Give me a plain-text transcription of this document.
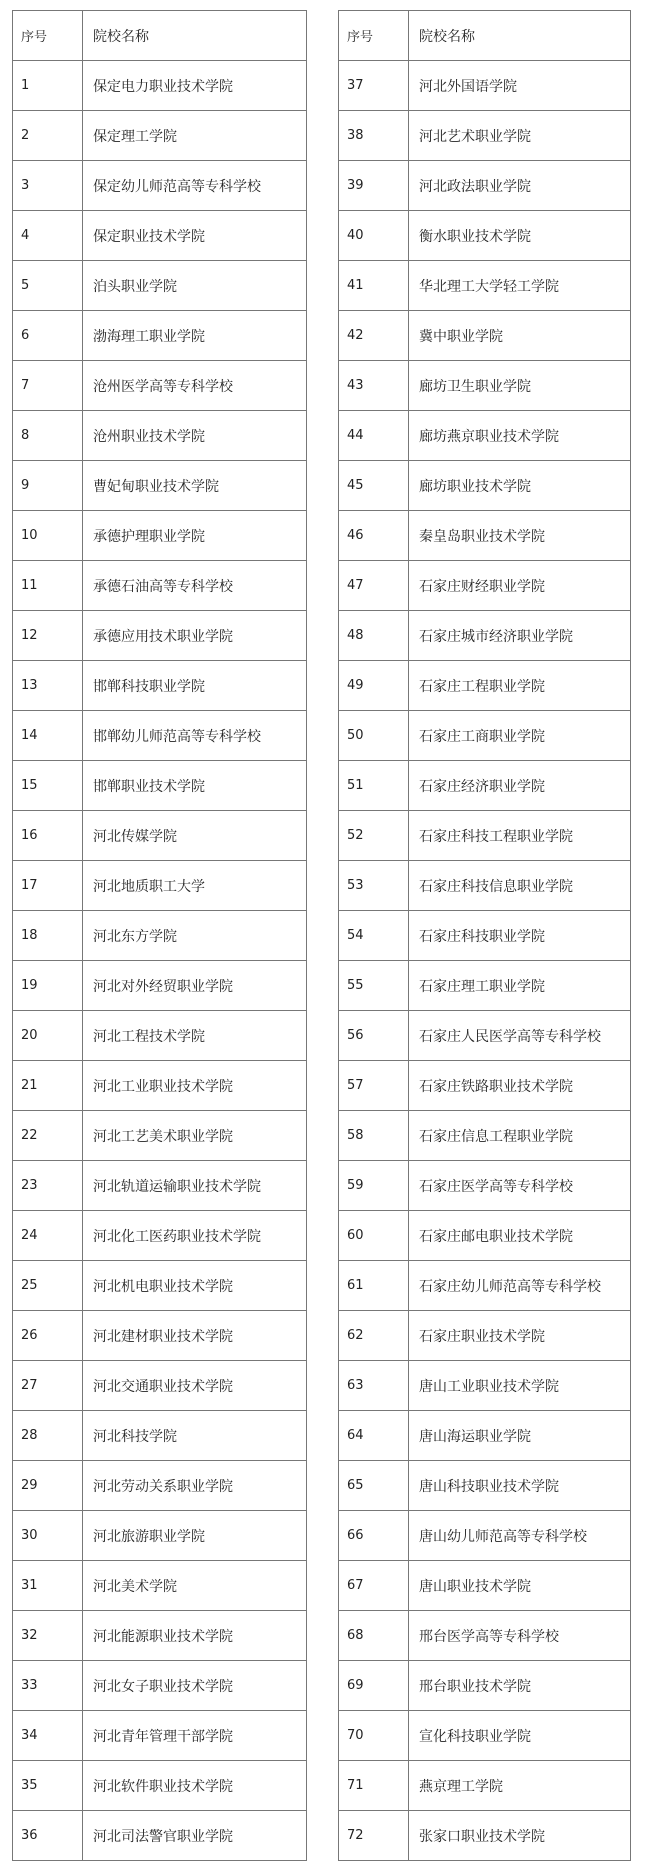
序号	院校名称
1	保定电力职业技术学院
2	保定理工学院
3	保定幼儿师范高等专科学校
4	保定职业技术学院
5	泊头职业学院
6	渤海理工职业学院
7	沧州医学高等专科学校
8	沧州职业技术学院
9	曹妃甸职业技术学院
10	承德护理职业学院
11	承德石油高等专科学校
12	承德应用技术职业学院
13	邯郸科技职业学院
14	邯郸幼儿师范高等专科学校
15	邯郸职业技术学院
16	河北传媒学院
17	河北地质职工大学
18	河北东方学院
19	河北对外经贸职业学院
20	河北工程技术学院
21	河北工业职业技术学院
22	河北工艺美术职业学院
23	河北轨道运输职业技术学院
24	河北化工医药职业技术学院
25	河北机电职业技术学院
26	河北建材职业技术学院
27	河北交通职业技术学院
28	河北科技学院
29	河北劳动关系职业学院
30	河北旅游职业学院
31	河北美术学院
32	河北能源职业技术学院
33	河北女子职业技术学院
34	河北青年管理干部学院
35	河北软件职业技术学院
36	河北司法警官职业学院
序号	院校名称
37	河北外国语学院
38	河北艺术职业学院
39	河北政法职业学院
40	衡水职业技术学院
41	华北理工大学轻工学院
42	冀中职业学院
43	廊坊卫生职业学院
44	廊坊燕京职业技术学院
45	廊坊职业技术学院
46	秦皇岛职业技术学院
47	石家庄财经职业学院
48	石家庄城市经济职业学院
49	石家庄工程职业学院
50	石家庄工商职业学院
51	石家庄经济职业学院
52	石家庄科技工程职业学院
53	石家庄科技信息职业学院
54	石家庄科技职业学院
55	石家庄理工职业学院
56	石家庄人民医学高等专科学校
57	石家庄铁路职业技术学院
58	石家庄信息工程职业学院
59	石家庄医学高等专科学校
60	石家庄邮电职业技术学院
61	石家庄幼儿师范高等专科学校
62	石家庄职业技术学院
63	唐山工业职业技术学院
64	唐山海运职业学院
65	唐山科技职业技术学院
66	唐山幼儿师范高等专科学校
67	唐山职业技术学院
68	邢台医学高等专科学校
69	邢台职业技术学院
70	宣化科技职业学院
71	燕京理工学院
72	张家口职业技术学院
